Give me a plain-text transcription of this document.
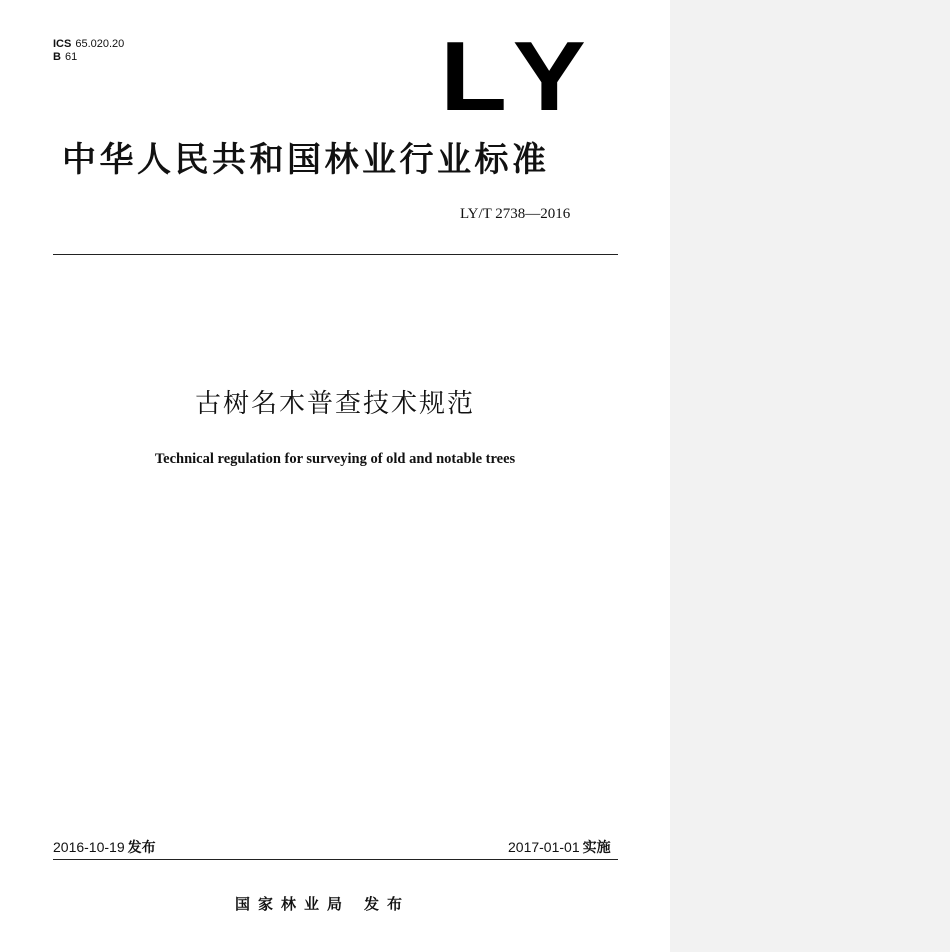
ICS 65.020.20
B 61	LY
中华人民共和国林业行业标准
LY/T 2738—2016
古树名木普查技术规范
Technical regulation for surveying of old and notable trees
2016-10-19 发布	2017-01-01 实施
国家林业局 发布
